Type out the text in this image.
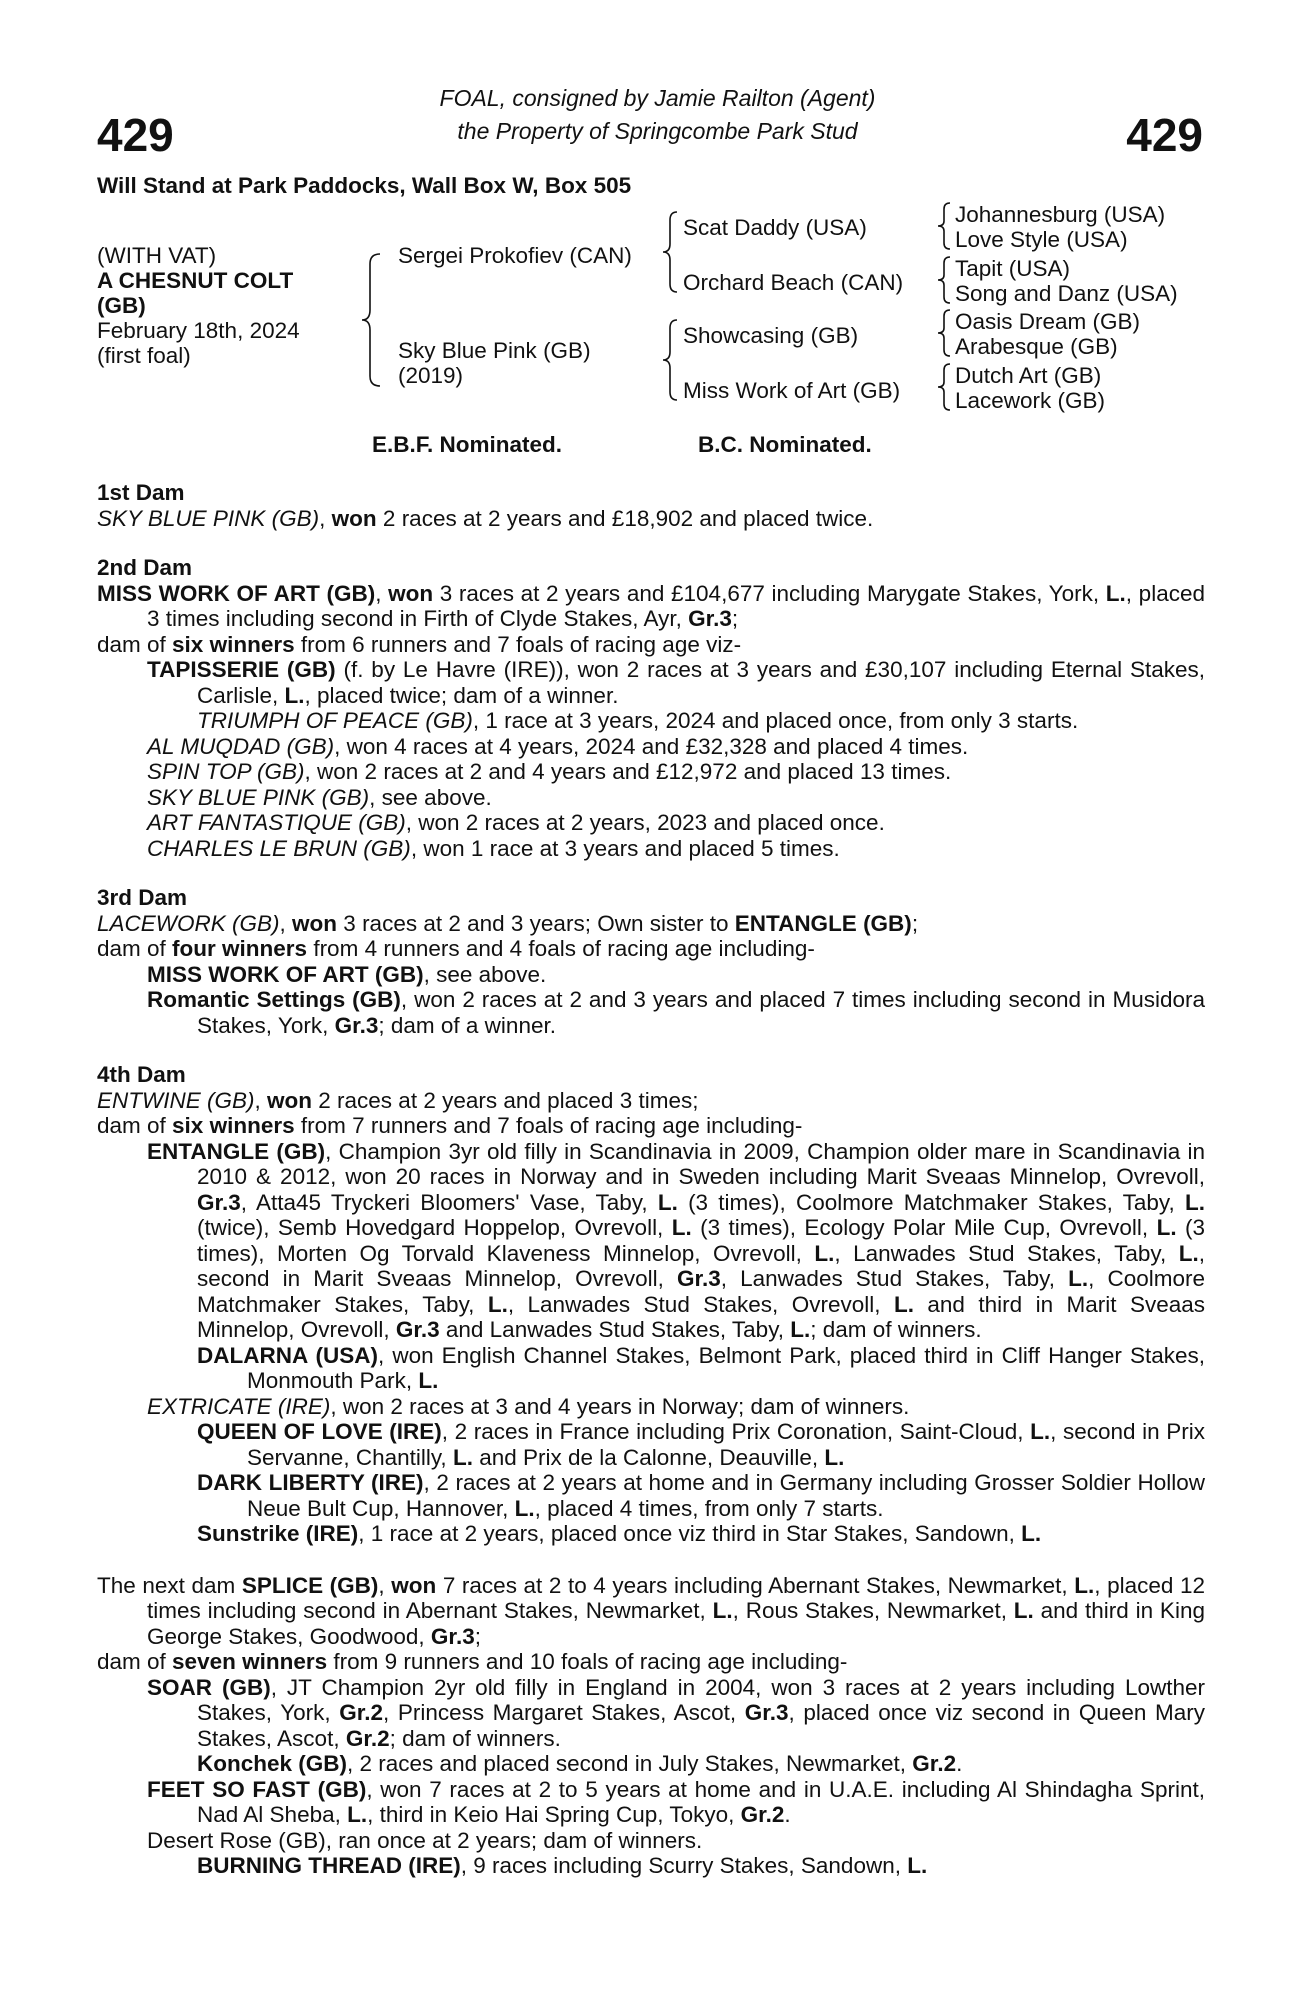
429	429
FOAL, consigned by Jamie Railton (Agent)
the Property of Springcombe Park Stud
Will Stand at Park Paddocks, Wall Box W, Box 505
(WITH VAT)
A CHESNUT COLT
(GB)
February 18th, 2024
(first foal)
Sergei Prokofiev (CAN)
Sky Blue Pink (GB)
(2019)
Scat Daddy (USA)
Orchard Beach (CAN)
Showcasing (GB)
Miss Work of Art (GB)
Johannesburg (USA)
Love Style (USA)
Tapit (USA)
Song and Danz (USA)
Oasis Dream (GB)
Arabesque (GB)
Dutch Art (GB)
Lacework (GB)
E.B.F. Nominated.	B.C. Nominated.
1st Dam
SKY BLUE PINK (GB), won 2 races at 2 years and £18,902 and placed twice.
2nd Dam
MISS WORK OF ART (GB), won 3 races at 2 years and £104,677 including Marygate Stakes, York, L., placed 3 times including second in Firth of Clyde Stakes, Ayr, Gr.3;
dam of six winners from 6 runners and 7 foals of racing age viz-
TAPISSERIE (GB) (f. by Le Havre (IRE)), won 2 races at 3 years and £30,107 including Eternal Stakes, Carlisle, L., placed twice; dam of a winner.
TRIUMPH OF PEACE (GB), 1 race at 3 years, 2024 and placed once, from only 3 starts.
AL MUQDAD (GB), won 4 races at 4 years, 2024 and £32,328 and placed 4 times.
SPIN TOP (GB), won 2 races at 2 and 4 years and £12,972 and placed 13 times.
SKY BLUE PINK (GB), see above.
ART FANTASTIQUE (GB), won 2 races at 2 years, 2023 and placed once.
CHARLES LE BRUN (GB), won 1 race at 3 years and placed 5 times.
3rd Dam
LACEWORK (GB), won 3 races at 2 and 3 years; Own sister to ENTANGLE (GB);
dam of four winners from 4 runners and 4 foals of racing age including-
MISS WORK OF ART (GB), see above.
Romantic Settings (GB), won 2 races at 2 and 3 years and placed 7 times including second in Musidora Stakes, York, Gr.3; dam of a winner.
4th Dam
ENTWINE (GB), won 2 races at 2 years and placed 3 times;
dam of six winners from 7 runners and 7 foals of racing age including-
ENTANGLE (GB), Champion 3yr old filly in Scandinavia in 2009, Champion older mare in Scandinavia in 2010 & 2012, won 20 races in Norway and in Sweden including Marit Sveaas Minnelop, Ovrevoll, Gr.3, Atta45 Tryckeri Bloomers' Vase, Taby, L. (3 times), Coolmore Matchmaker Stakes, Taby, L. (twice), Semb Hovedgard Hoppelop, Ovrevoll, L. (3 times), Ecology Polar Mile Cup, Ovrevoll, L. (3 times), Morten Og Torvald Klaveness Minnelop, Ovrevoll, L., Lanwades Stud Stakes, Taby, L., second in Marit Sveaas Minnelop, Ovrevoll, Gr.3, Lanwades Stud Stakes, Taby, L., Coolmore Matchmaker Stakes, Taby, L., Lanwades Stud Stakes, Ovrevoll, L. and third in Marit Sveaas Minnelop, Ovrevoll, Gr.3 and Lanwades Stud Stakes, Taby, L.; dam of winners.
DALARNA (USA), won English Channel Stakes, Belmont Park, placed third in Cliff Hanger Stakes, Monmouth Park, L.
EXTRICATE (IRE), won 2 races at 3 and 4 years in Norway; dam of winners.
QUEEN OF LOVE (IRE), 2 races in France including Prix Coronation, Saint-Cloud, L., second in Prix Servanne, Chantilly, L. and Prix de la Calonne, Deauville, L.
DARK LIBERTY (IRE), 2 races at 2 years at home and in Germany including Grosser Soldier Hollow Neue Bult Cup, Hannover, L., placed 4 times, from only 7 starts.
Sunstrike (IRE), 1 race at 2 years, placed once viz third in Star Stakes, Sandown, L.
The next dam SPLICE (GB), won 7 races at 2 to 4 years including Abernant Stakes, Newmarket, L., placed 12 times including second in Abernant Stakes, Newmarket, L., Rous Stakes, Newmarket, L. and third in King George Stakes, Goodwood, Gr.3;
dam of seven winners from 9 runners and 10 foals of racing age including-
SOAR (GB), JT Champion 2yr old filly in England in 2004, won 3 races at 2 years including Lowther Stakes, York, Gr.2, Princess Margaret Stakes, Ascot, Gr.3, placed once viz second in Queen Mary Stakes, Ascot, Gr.2; dam of winners.
Konchek (GB), 2 races and placed second in July Stakes, Newmarket, Gr.2.
FEET SO FAST (GB), won 7 races at 2 to 5 years at home and in U.A.E. including Al Shindagha Sprint, Nad Al Sheba, L., third in Keio Hai Spring Cup, Tokyo, Gr.2.
Desert Rose (GB), ran once at 2 years; dam of winners.
BURNING THREAD (IRE), 9 races including Scurry Stakes, Sandown, L.
